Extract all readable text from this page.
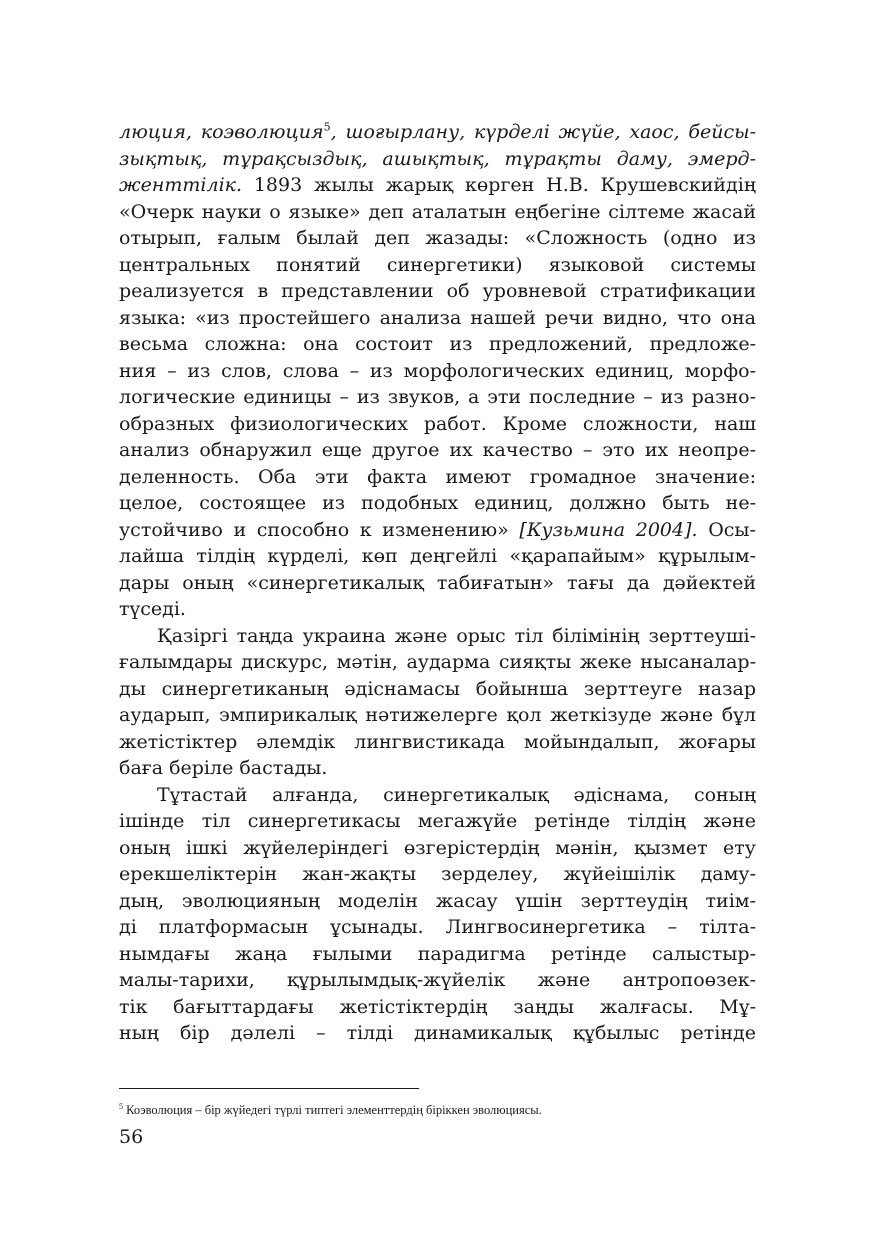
люция, коэволюция$^5$, шоғырлану, күрделі жүйе, хаос, бейсы-
зықтық, тұрақсыздық, ашықтық, тұрақты даму, эмерд-
женттілік. 1893 жылы жарық көрген Н.В. Крушевскийдің
«Очерк науки о языке» деп аталатын еңбегіне сілтеме жасай
отырып, ғалым былай деп жазады: «Сложность (одно из
центральных понятий синергетики) языковой системы
реализуется в представлении об уровневой стратификации
языка: «из простейшего анализа нашей речи видно, что она
весьма сложна: она состоит из предложений, предложе-
ния – из слов, слова – из морфологических единиц, морфо-
логические единицы – из звуков, а эти последние – из разно-
образных физиологических работ. Кроме сложности, наш
анализ обнаружил еще другое их качество – это их неопре-
деленность. Оба эти факта имеют громадное значение:
целое, состоящее из подобных единиц, должно быть не-
устойчиво и способно к изменению» [Кузьмина 2004]. Осы-
лайша тілдің күрделі, көп деңгейлі «қарапайым» құрылым-
дары оның «синергетикалық табиғатын» тағы да дәйектей
түседі.
Қазіргі таңда украина және орыс тіл білімінің зерттеуші-
ғалымдары дискурс, мәтін, аударма сияқты жеке нысаналар-
ды синергетиканың әдіснамасы бойынша зерттеуге назар
аударып, эмпирикалық нәтижелерге қол жеткізуде және бұл
жетістіктер әлемдік лингвистикада мойындалып, жоғары
баға беріле бастады.
Тұтастай алғанда, синергетикалық әдіснама, соның
ішінде тіл синергетикасы мегажүйе ретінде тілдің және
оның ішкі жүйелеріндегі өзгерістердің мәнін, қызмет ету
ерекшеліктерін жан-жақты зерделеу, жүйеішілік даму-
дың, эволюцияның моделін жасау үшін зерттеудің тиім-
ді платформасын ұсынады. Лингвосинергетика – тілта-
нымдағы жаңа ғылыми парадигма ретінде салыстыр-
малы-тарихи, құрылымдық-жүйелік және антропоөзек-
тік бағыттардағы жетістіктердің заңды жалғасы. Мұ-
ның бір дәлелі – тілді динамикалық құбылыс ретінде
$^5$ Коэволюция – бір жүйедегі түрлі типтегі элементтердің біріккен эволюциясы.
56
